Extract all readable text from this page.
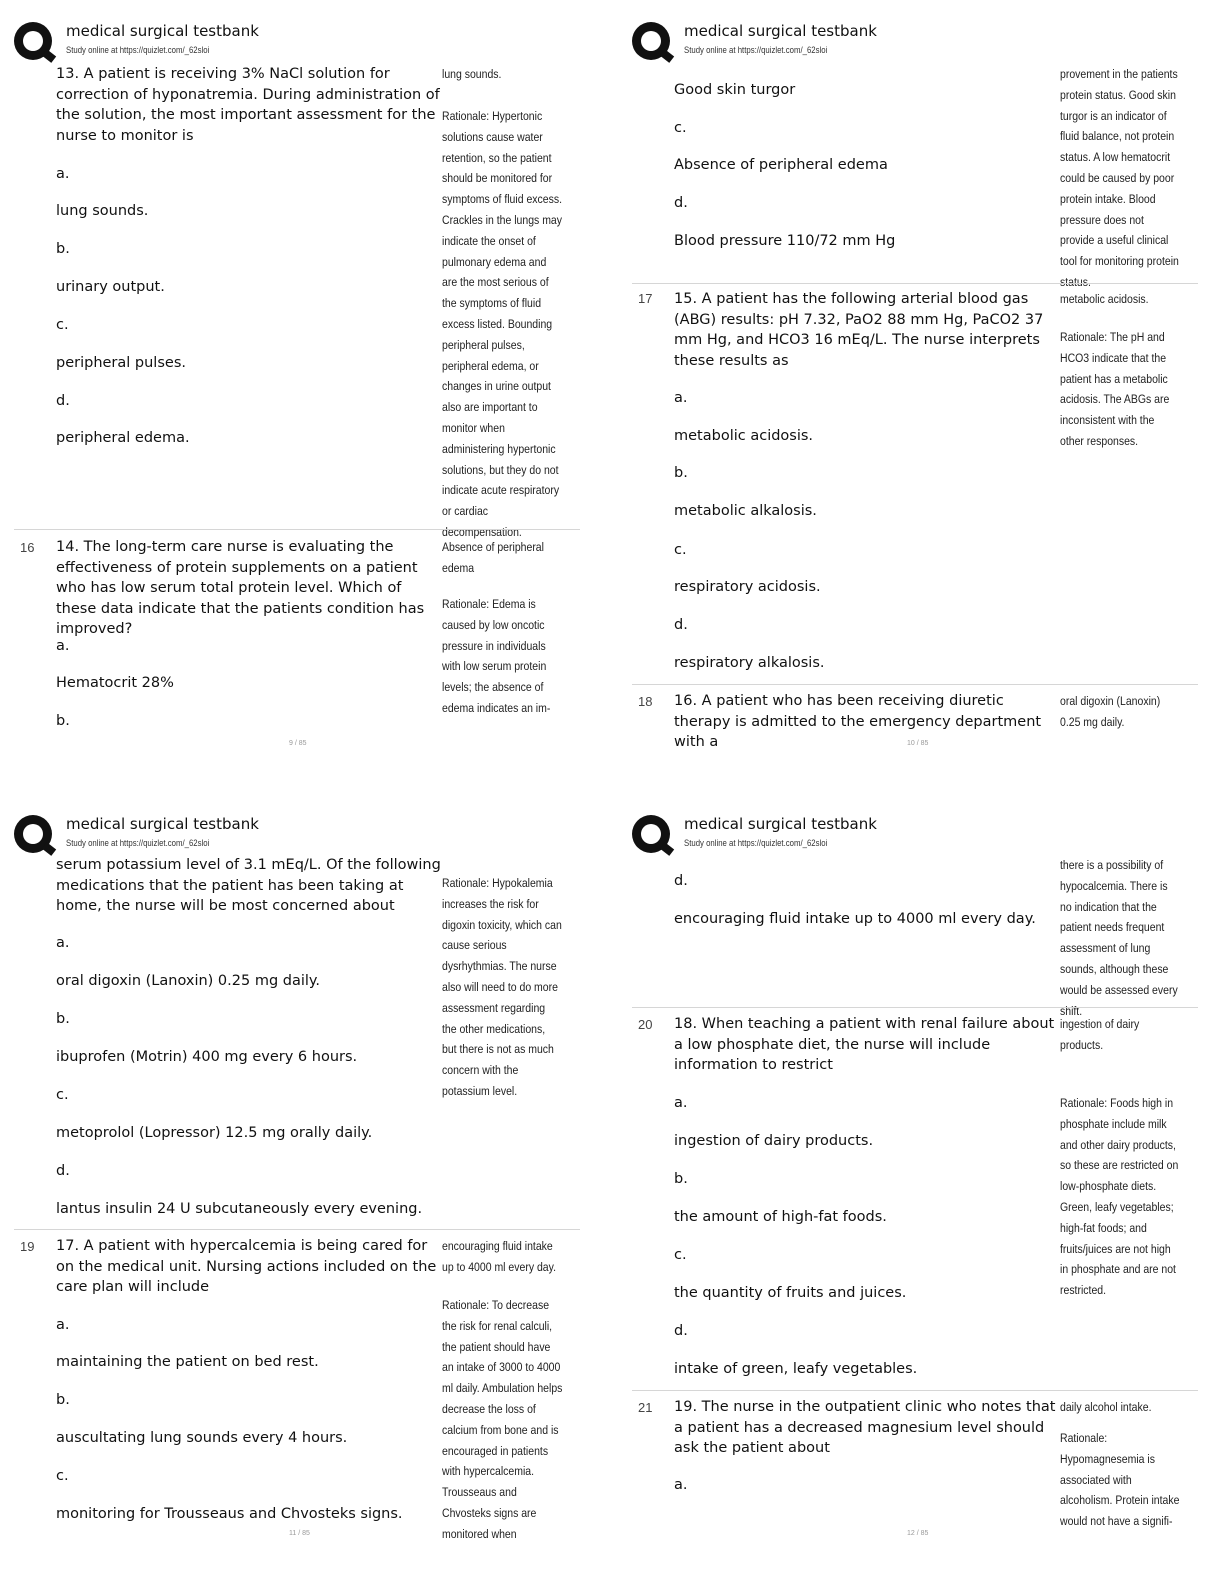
medical surgical testbank
Study online at https://quizlet.com/_62sloi
13. A patient is receiving 3% NaCl solution for correction of hyponatremia. During administration of the solution, the most important assessment for the nurse to monitor is
lung sounds.
Rationale: Hypertonic solutions cause water retention, so the patient should be monitored for symptoms of fluid excess. Crackles in the lungs may indicate the onset of pulmonary edema and are the most serious of the symptoms of fluid excess listed. Bounding peripheral pulses, peripheral edema, or changes in urine output also are important to monitor when administering hypertonic solutions, but they do not indicate acute respiratory or cardiac decompensation.
a.
lung sounds.
b.
urinary output.
c.
peripheral pulses.
d.
peripheral edema.
16 14. The long-term care nurse is evaluating the effectiveness of protein supplements on a patient who has low serum total protein level. Which of these data indicate that the patients condition has improved?
Absence of peripheral edema
Rationale: Edema is caused by low oncotic pressure in individuals with low serum protein levels; the absence of edema indicates an im-
a.
Hematocrit 28%
b.
9 / 85
medical surgical testbank
Study online at https://quizlet.com/_62sloi
Good skin turgor
c.
Absence of peripheral edema
d.
Blood pressure 110/72 mm Hg
provement in the patients protein status. Good skin turgor is an indicator of fluid balance, not protein status. A low hematocrit could be caused by poor protein intake. Blood pressure does not provide a useful clinical tool for monitoring protein status.
17 15. A patient has the following arterial blood gas (ABG) results: pH 7.32, PaO2 88 mm Hg, PaCO2 37 mm Hg, and HCO3 16 mEq/L. The nurse interprets these results as
metabolic acidosis.
Rationale: The pH and HCO3 indicate that the patient has a metabolic acidosis. The ABGs are inconsistent with the other responses.
a.
metabolic acidosis.
b.
metabolic alkalosis.
c.
respiratory acidosis.
d.
respiratory alkalosis.
18 16. A patient who has been receiving diuretic therapy is admitted to the emergency department with a
oral digoxin (Lanoxin) 0.25 mg daily.
10 / 85
medical surgical testbank
Study online at https://quizlet.com/_62sloi
serum potassium level of 3.1 mEq/L. Of the following medications that the patient has been taking at home, the nurse will be most concerned about
Rationale: Hypokalemia increases the risk for digoxin toxicity, which can cause serious dysrhythmias. The nurse also will need to do more assessment regarding the other medications, but there is not as much concern with the potassium level.
a.
oral digoxin (Lanoxin) 0.25 mg daily.
b.
ibuprofen (Motrin) 400 mg every 6 hours.
c.
metoprolol (Lopressor) 12.5 mg orally daily.
d.
lantus insulin 24 U subcutaneously every evening.
19 17. A patient with hypercalcemia is being cared for on the medical unit. Nursing actions included on the care plan will include
encouraging fluid intake up to 4000 ml every day.
Rationale: To decrease the risk for renal calculi, the patient should have an intake of 3000 to 4000 ml daily. Ambulation helps decrease the loss of calcium from bone and is encouraged in patients with hypercalcemia. Trousseaus and Chvosteks signs are monitored when
a.
maintaining the patient on bed rest.
b.
auscultating lung sounds every 4 hours.
c.
monitoring for Trousseaus and Chvosteks signs.
11 / 85
medical surgical testbank
Study online at https://quizlet.com/_62sloi
d.
encouraging fluid intake up to 4000 ml every day.
there is a possibility of hypocalcemia. There is no indication that the patient needs frequent assessment of lung sounds, although these would be assessed every shift.
20 18. When teaching a patient with renal failure about a low phosphate diet, the nurse will include information to restrict
ingestion of dairy products.
Rationale: Foods high in phosphate include milk and other dairy products, so these are restricted on low-phosphate diets. Green, leafy vegetables; high-fat foods; and fruits/juices are not high in phosphate and are not restricted.
a.
ingestion of dairy products.
b.
the amount of high-fat foods.
c.
the quantity of fruits and juices.
d.
intake of green, leafy vegetables.
21 19. The nurse in the outpatient clinic who notes that a patient has a decreased magnesium level should ask the patient about
daily alcohol intake.
Rationale: Hypomagnesemia is associated with alcoholism. Protein intake would not have a signifi-
a.
12 / 85
